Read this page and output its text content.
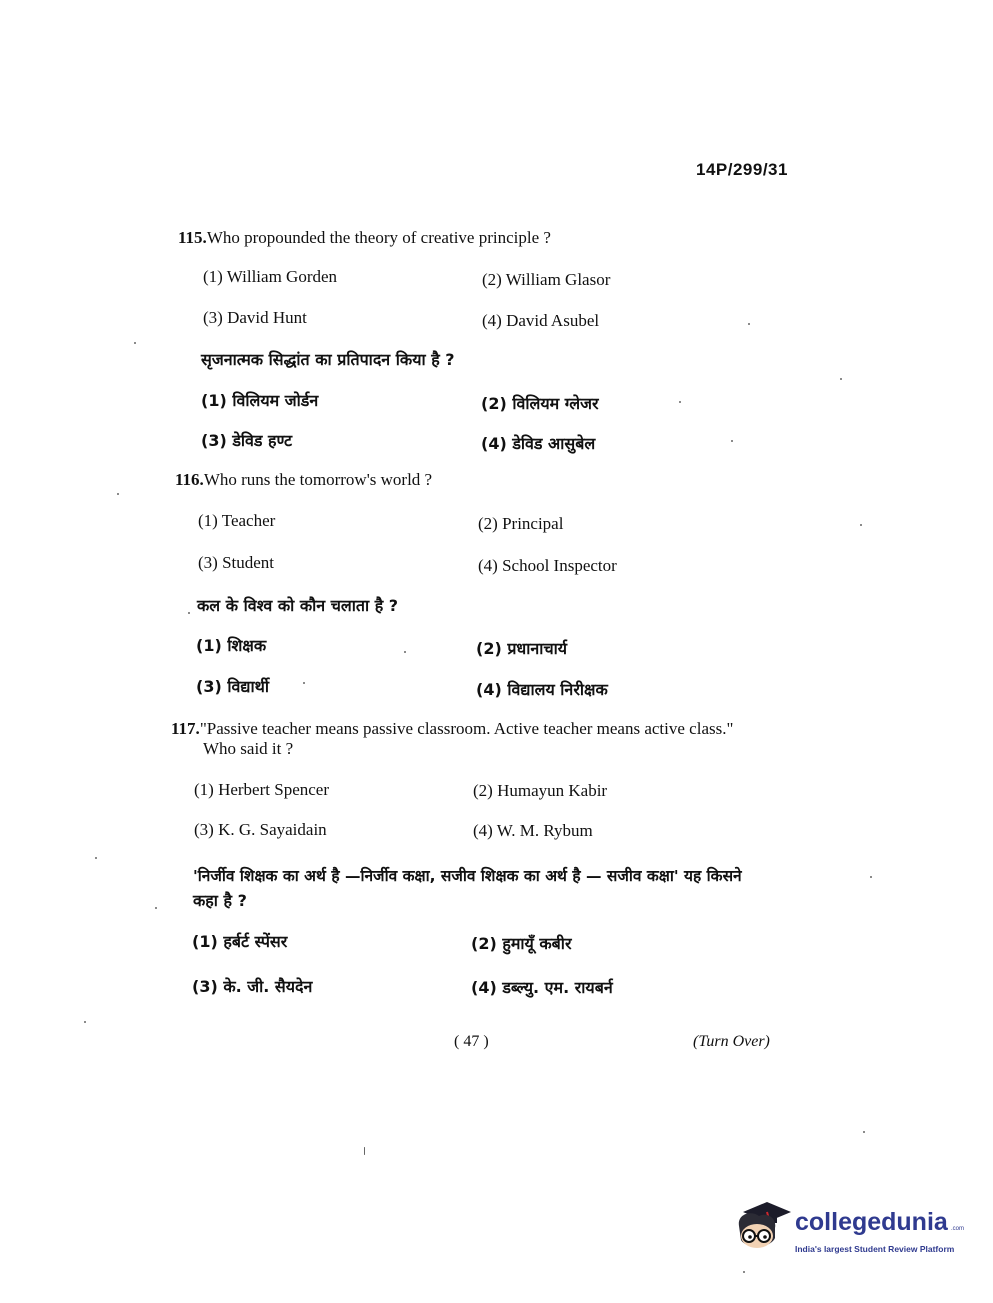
14P/299/31
115.Who propounded the theory of creative principle ?
(1) William Gorden	(2) William Glasor
(3) David Hunt	(4) David Asubel
सृजनात्मक सिद्धांत का प्रतिपादन किया है ?
(1) विलियम जोर्डन	(2) विलियम ग्लेजर
(3) डेविड हण्ट	(4) डेविड आसुबेल
116.Who runs the tomorrow's world ?
(1) Teacher	(2) Principal
(3) Student	(4) School Inspector
कल के विश्व को कौन चलाता है ?
(1) शिक्षक	(2) प्रधानाचार्य
(3) विद्यार्थी	(4) विद्यालय निरीक्षक
117."Passive teacher means passive classroom. Active teacher means active class."
Who said it ?
(1) Herbert Spencer	(2) Humayun Kabir
(3) K. G. Sayaidain	(4) W. M. Rybum
'निर्जीव शिक्षक का अर्थ है —निर्जीव कक्षा, सजीव शिक्षक का अर्थ है — सजीव कक्षा' यह किसने
कहा है ?
(1) हर्बर्ट स्पेंसर	(2) हुमायूँ कबीर
(3) के. जी. सैयदेन	(4) डब्ल्यु. एम. रायबर्न
( 47 )	(Turn Over)
collegedunia .com
India's largest Student Review Platform
